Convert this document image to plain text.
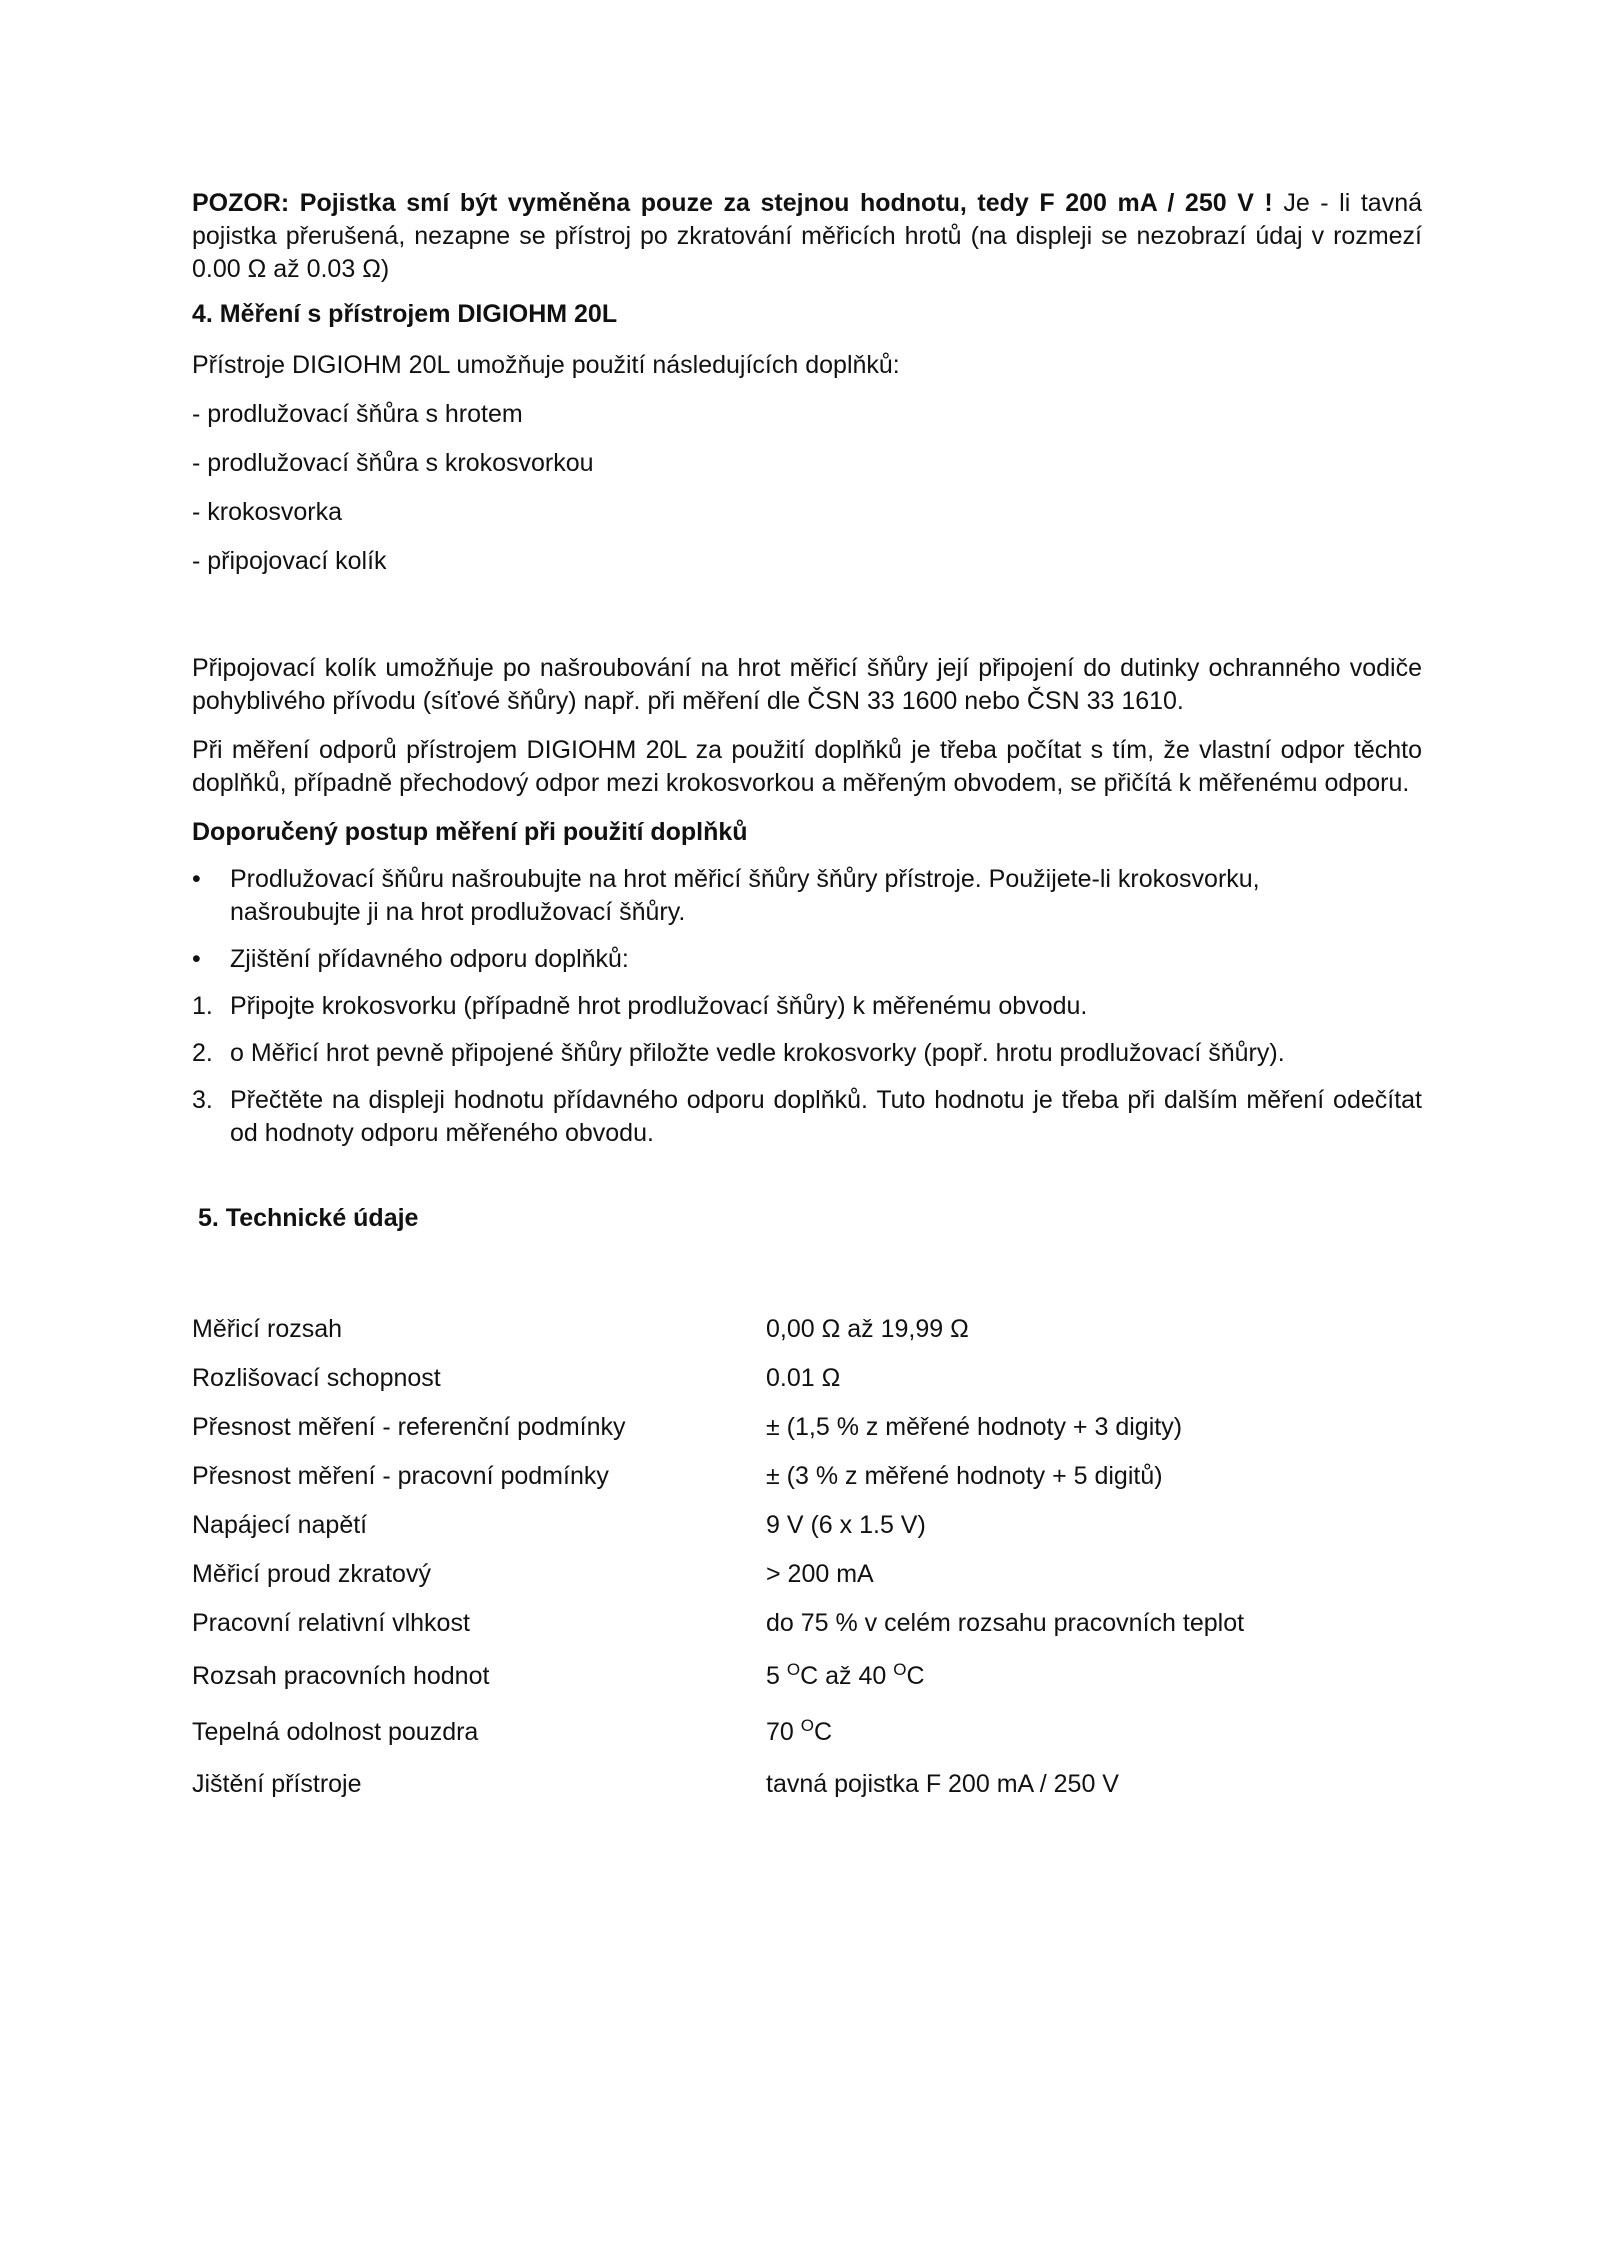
POZOR: Pojistka smí být vyměněna pouze za stejnou hodnotu, tedy F 200 mA / 250 V ! Je - li tavná pojistka přerušená, nezapne se přístroj po zkratování měřicích hrotů (na displeji se nezobrazí údaj v rozmezí 0.00 Ω až 0.03 Ω)

4. Měření s přístrojem DIGIOHM 20L

Přístroje DIGIOHM 20L umožňuje použití následujících doplňků:

- prodlužovací šňůra s hrotem
- prodlužovací šňůra s krokosvorkou
- krokosvorka
- připojovací kolík

Připojovací kolík umožňuje po našroubování na hrot měřicí šňůry její připojení do dutinky ochranného vodiče pohyblivého přívodu (síťové šňůry) např. při měření dle ČSN 33 1600 nebo ČSN 33 1610.

Při měření odporů přístrojem DIGIOHM 20L za použití doplňků je třeba počítat s tím, že vlastní odpor těchto doplňků, případně přechodový odpor mezi krokosvorkou a měřeným obvodem, se přičítá k měřenému odporu.

Doporučený postup měření při použití doplňků

•	Prodlužovací šňůru našroubujte na hrot měřicí šňůry šňůry přístroje. Použijete-li krokosvorku, našroubujte ji na hrot prodlužovací šňůry.
•	Zjištění přídavného odporu doplňků:
1. Připojte krokosvorku (případně hrot prodlužovací šňůry) k měřenému obvodu.
2. o Měřicí hrot pevně připojené šňůry přiložte vedle krokosvorky (popř. hrotu prodlužovací šňůry).
3. Přečtěte na displeji hodnotu přídavného odporu doplňků. Tuto hodnotu je třeba při dalším měření odečítat od hodnoty odporu měřeného obvodu.

5. Technické údaje

Měřicí rozsah	0,00 Ω až 19,99 Ω
Rozlišovací schopnost	0.01 Ω
Přesnost měření - referenční podmínky	± (1,5 % z měřené hodnoty + 3 digity)
Přesnost měření - pracovní podmínky	± (3 % z měřené hodnoty + 5 digitů)
Napájecí napětí	9 V (6 x 1.5 V)
Měřicí proud zkratový	> 200 mA
Pracovní relativní vlhkost	do 75 % v celém rozsahu pracovních teplot
Rozsah pracovních hodnot	5 $^O$C až 40 $^O$C
Tepelná odolnost pouzdra	70 $^O$C
Jištění přístroje	tavná pojistka F 200 mA / 250 V
